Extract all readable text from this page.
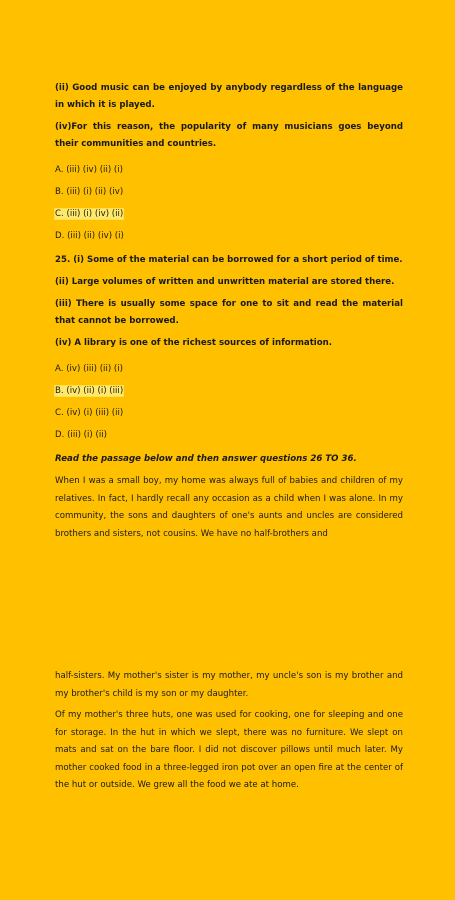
(ii) Good music can be enjoyed by anybody regardless of the language in which it is played.

(iv)For this reason, the popularity of many musicians goes beyond their communities and countries.

A. (iii) (iv) (ii) (i)

B. (iii) (i) (ii) (iv)

C. (iii) (i) (iv) (ii)

D. (iii) (ii) (iv) (i)

25. (i) Some of the material can be borrowed for a short period of time.

(ii) Large volumes of written and unwritten material are stored there.

(iii) There is usually some space for one to sit and read the material that cannot be borrowed.

(iv) A library is one of the richest sources of information.

A. (iv) (iii) (ii) (i)

B. (iv) (ii) (i) (iii)

C. (iv) (i) (iii) (ii)

D. (iii) (i) (ii)

Read the passage below and then answer questions 26 TO 36.

When I was a small boy, my home was always full of babies and children of my relatives. In fact, I hardly recall any occasion as a child when I was alone. In my community, the sons and daughters of one's aunts and uncles are considered brothers and sisters, not cousins. We have no half-brothers and

half-sisters. My mother's sister is my mother, my uncle's son is my brother and my brother's child is my son or my daughter.

Of my mother's three huts, one was used for cooking, one for sleeping and one for storage. In the hut in which we slept, there was no furniture. We slept on mats and sat on the bare floor. I did not discover pillows until much later. My mother cooked food in a three-legged iron pot over an open fire at the center of the hut or outside. We grew all the food we ate at home.
